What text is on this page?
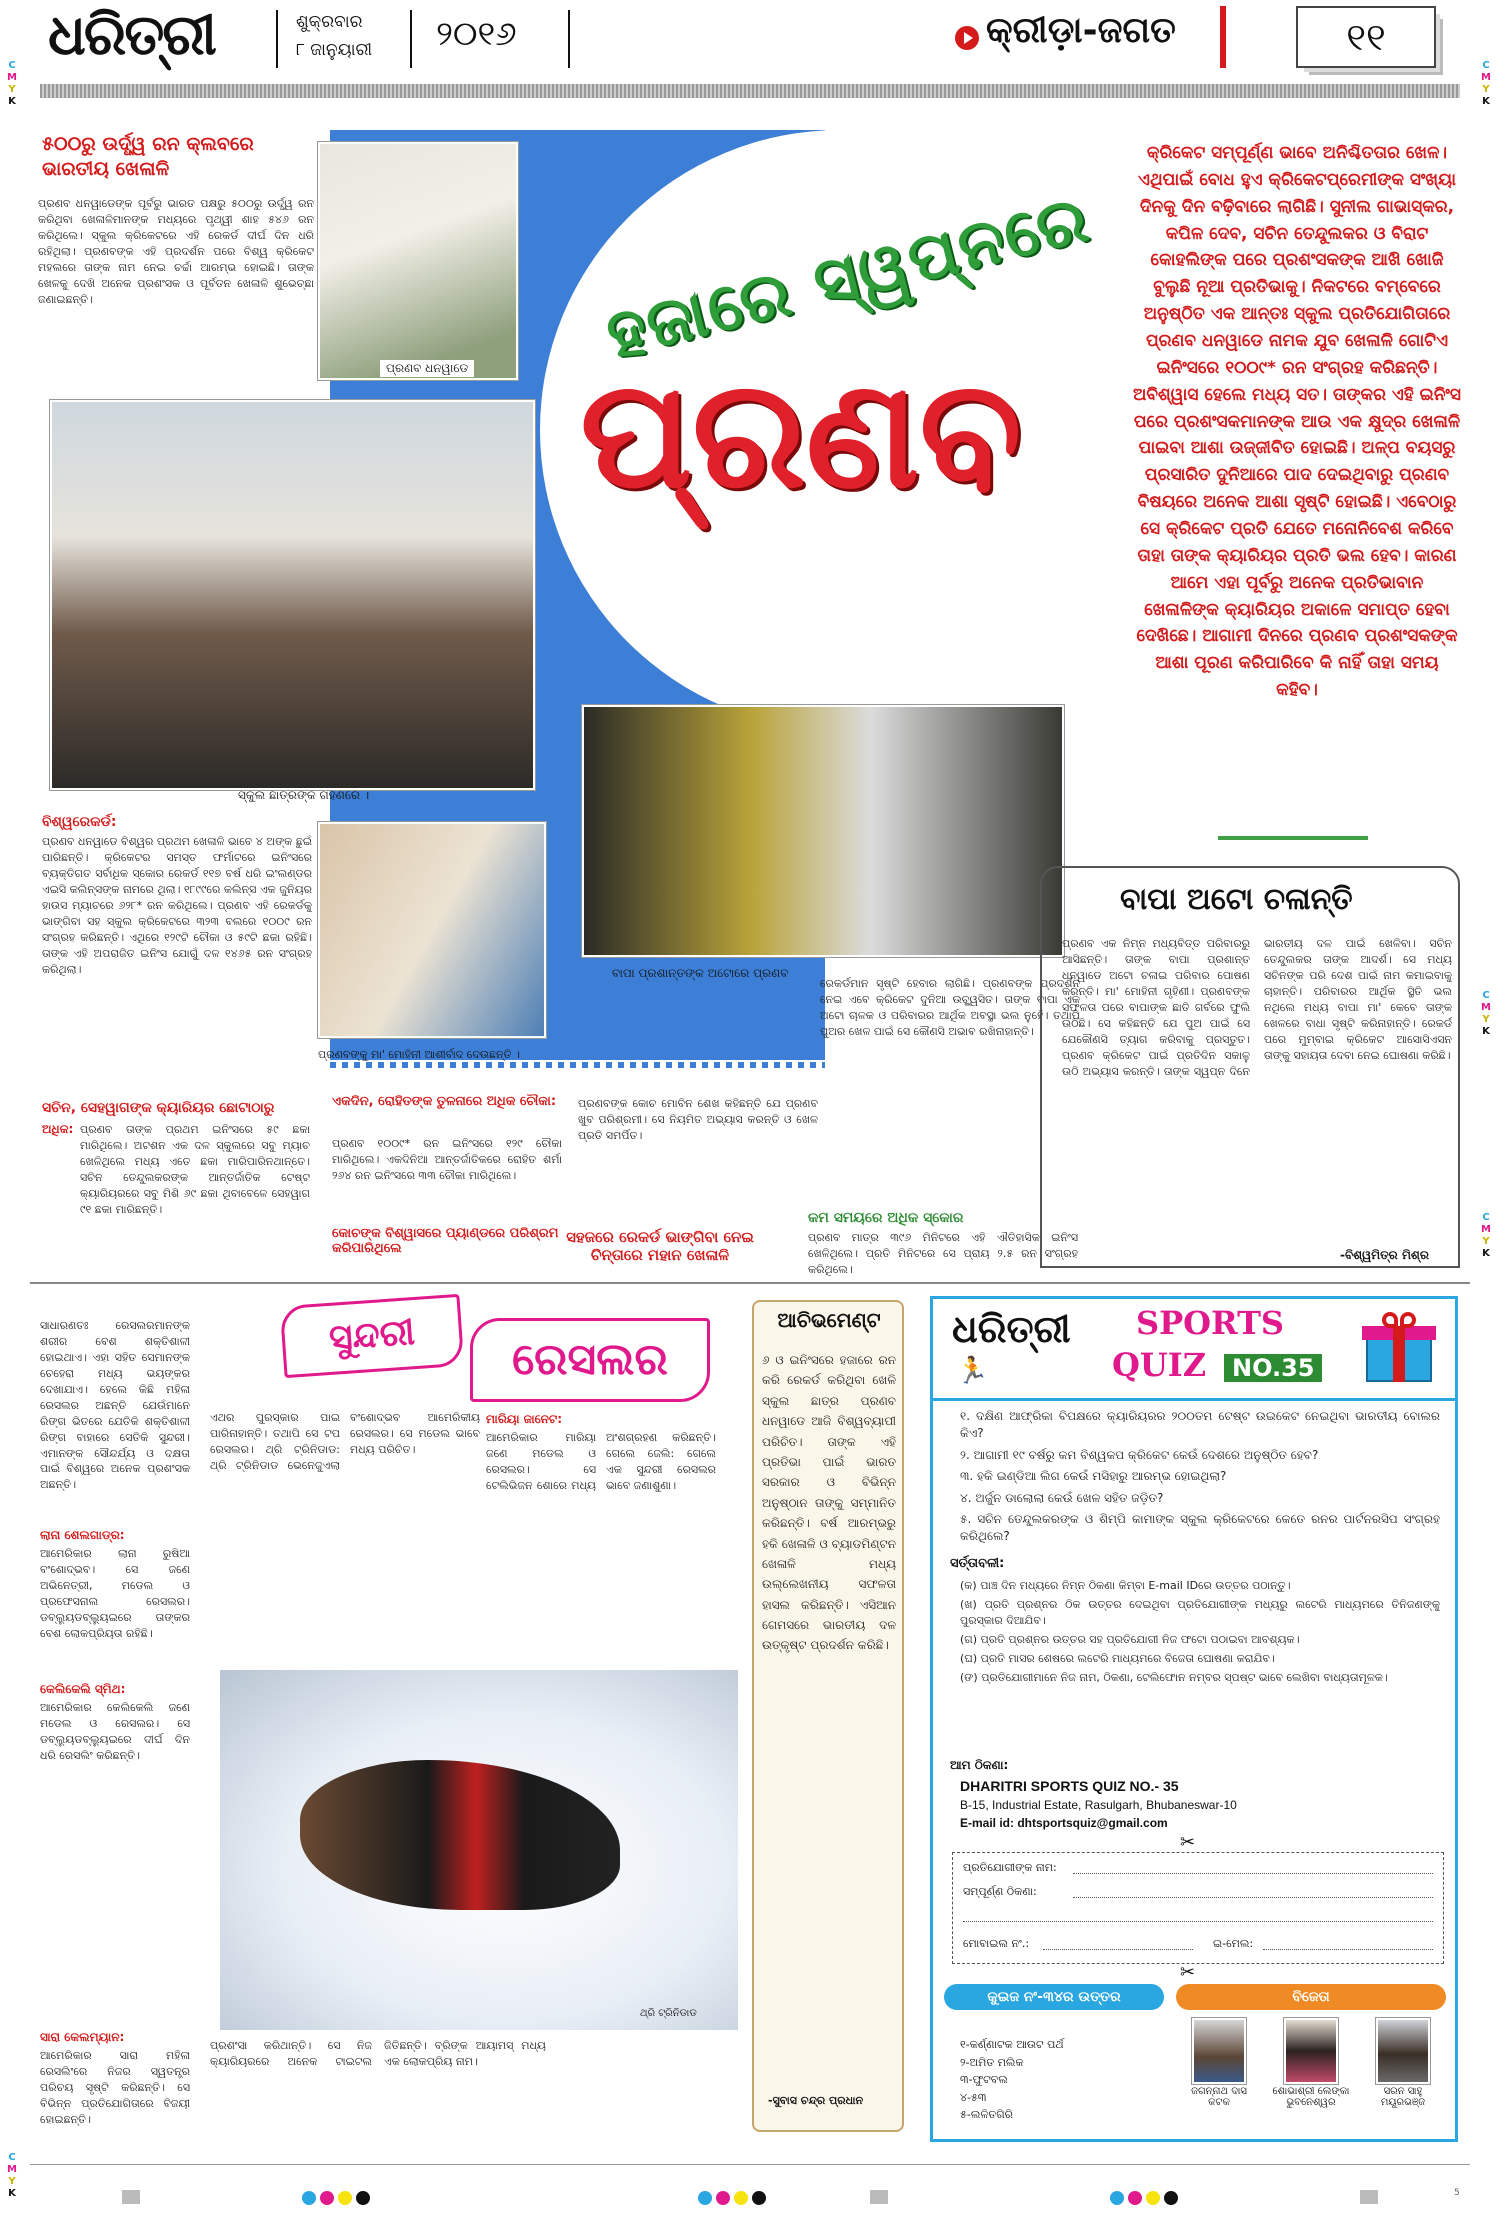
ଧରିତ୍ରୀ	ଶୁକ୍ରବାର
୮ ଜାନୁୟାରୀ ୨୦୧୬	କ୍ରୀଡ଼ା-ଜଗତ	୧୧
C
M
Y
K
C
M
Y
K
C
M
Y
K
C
M
Y
K
C
M
Y
K
୫୦୦ରୁ ଉର୍ଦ୍ଧ୍ୱ ରନ କ୍ଲବରେ ଭାରତୀୟ ଖେଳାଳି
ପ୍ରଣବ ଧନୱାଡେଙ୍କ ପୂର୍ବରୁ ଭାରତ ପକ୍ଷରୁ ୫୦୦ରୁ ଉର୍ଦ୍ଧ୍ୱ ରନ କରିଥିବା ଖେଳାଳିମାନଙ୍କ ମଧ୍ୟରେ ପୃଥ୍ୱୀ ଶାହ ୫୪୬ ରନ କରିଥିଲେ। ସ୍କୁଲ କ୍ରିକେଟରେ ଏହି ରେକର୍ଡ ଦୀର୍ଘ ଦିନ ଧରି ରହିଥିଲା। ପ୍ରଣବଙ୍କ ଏହି ପ୍ରଦର୍ଶନ ପରେ ବିଶ୍ୱ କ୍ରିକେଟ ମହଲରେ ତାଙ୍କ ନାମ ନେଇ ଚର୍ଚ୍ଚା ଆରମ୍ଭ ହୋଇଛି। ତାଙ୍କ ଖେଳକୁ ଦେଖି ଅନେକ ପ୍ରଶଂସକ ଓ ପୂର୍ବତନ ଖେଳାଳି ଶୁଭେଚ୍ଛା ଜଣାଇଛନ୍ତି।
ପ୍ରଣବ ଧନୱାଡେ ହଜାରେ ସ୍ୱପ୍ନରେ
ପ୍ରଣବ
ସ୍କୁଲ ଛାତ୍ରଙ୍କ ଗହଣରେ ।
ପ୍ରଣବଙ୍କୁ ମା' ମୋହିନୀ ଆଶୀର୍ବାଦ ଦେଉଛନ୍ତି ।
ବାପା ପ୍ରଶାନ୍ତଙ୍କ ଅଟୋରେ ପ୍ରଣବ
କ୍ରିକେଟ ସମ୍ପୂର୍ଣ୍ଣ ଭାବେ ଅନିଶ୍ଚିତତାର ଖେଳ। ଏଥିପାଇଁ ବୋଧ ହୁଏ କ୍ରିକେଟପ୍ରେମୀଙ୍କ ସଂଖ୍ୟା ଦିନକୁ ଦିନ ବଢ଼ିବାରେ ଲାଗିଛି। ସୁନୀଲ ଗାଭାସ୍କର, କପିଳ ଦେବ, ସଚିନ ତେନ୍ଦୁଲକର ଓ ବିରାଟ କୋହଲିଙ୍କ ପରେ ପ୍ରଶଂସକଙ୍କ ଆଖି ଖୋଜି ବୁଲୁଛି ନୂଆ ପ୍ରତିଭାକୁ। ନିକଟରେ ବମ୍ବେରେ ଅନୁଷ୍ଠିତ ଏକ ଆନ୍ତଃ ସ୍କୁଲ ପ୍ରତିଯୋଗିତାରେ ପ୍ରଣବ ଧନୱାଡେ ନାମକ ଯୁବ ଖେଳାଳି ଗୋଟିଏ ଇନିଂସରେ ୧୦୦୯* ରନ ସଂଗ୍ରହ କରିଛନ୍ତି। ଅବିଶ୍ୱାସ ହେଲେ ମଧ୍ୟ ସତ। ତାଙ୍କର ଏହି ଇନିଂସ ପରେ ପ୍ରଶଂସକମାନଙ୍କ ଆଉ ଏକ କ୍ଷୁଦ୍ର ଖେଳାଳି ପାଇବା ଆଶା ଉଜ୍ଜୀବିତ ହୋଇଛି। ଅଳ୍ପ ବୟସରୁ ପ୍ରସାରିତ ଦୁନିଆରେ ପାଦ ଦେଇଥିବାରୁ ପ୍ରଣବ ବିଷୟରେ ଅନେକ ଆଶା ସୃଷ୍ଟି ହୋଇଛି। ଏବେଠାରୁ ସେ କ୍ରିକେଟ ପ୍ରତି ଯେତେ ମନୋନିବେଶ କରିବେ ତାହା ତାଙ୍କ କ୍ୟାରିୟର ପ୍ରତି ଭଲ ହେବ। କାରଣ ଆମେ ଏହା ପୂର୍ବରୁ ଅନେକ ପ୍ରତିଭାବାନ ଖେଳାଳିଙ୍କ କ୍ୟାରିୟର ଅକାଳେ ସମାପ୍ତ ହେବା ଦେଖିଛେ। ଆଗାମୀ ଦିନରେ ପ୍ରଣବ ପ୍ରଶଂସକଙ୍କ ଆଶା ପୂରଣ କରିପାରିବେ କି ନାହିଁ ତାହା ସମୟ କହିବ।
ବିଶ୍ୱରେକର୍ଡ:
ପ୍ରଣବ ଧନୱାଡେ ବିଶ୍ୱର ପ୍ରଥମ ଖେଳାଳି ଭାବେ ୪ ଅଙ୍କ ଛୁଇଁ ପାରିଛନ୍ତି। କ୍ରିକେଟର ସମସ୍ତ ଫର୍ମାଟରେ ଇନିଂସରେ ବ୍ୟକ୍ତିଗତ ସର୍ବାଧିକ ସ୍କୋର ରେକର୍ଡ ୧୧୭ ବର୍ଷ ଧରି ଇଂଲଣ୍ଡର ଏଇସି କଲିନ୍ସଙ୍କ ନାମରେ ଥିଲା। ୧୮୯୯ରେ କଲିନ୍ସ ଏକ ଜୁନିୟର ହାଉସ ମ୍ୟାଚରେ ୬୨୮* ରନ କରିଥିଲେ। ପ୍ରଣବ ଏହି ରେକର୍ଡକୁ ଭାଙ୍ଗିବା ସହ ସ୍କୁଲ କ୍ରିକେଟରେ ୩୨୩ ବଲରେ ୧୦୦୯ ରନ ସଂଗ୍ରହ କରିଛନ୍ତି। ଏଥିରେ ୧୨୯ଟି ଚୌକା ଓ ୫୯ଟି ଛକା ରହିଛି। ତାଙ୍କ ଏହି ଅପରାଜିତ ଇନିଂସ ଯୋଗୁଁ ଦଳ ୧୪୬୫ ରନ ସଂଗ୍ରହ କରିଥିଲା।
ସଚିନ, ସେହୱାଗଙ୍କ କ୍ୟାରିୟର ଛୋଟାଠାରୁ
ଅଧିକ: ପ୍ରଣବ ତାଙ୍କ ପ୍ରଥମ ଇନିଂସରେ ୫୯ ଛକା ମାରିଥିଲେ। ଅଟଶନ ଏକ ଦଳ ସ୍କୁଲରେ ସବୁ ମ୍ୟାଚ ଖେଳିଥିଲେ ମଧ୍ୟ ଏତେ ଛକା ମାରିପାରିନଥାନ୍ତେ। ସଚିନ ତେନ୍ଦୁଲକରଙ୍କ ଆନ୍ତର୍ଜାତିକ ଟେଷ୍ଟ କ୍ୟାରିୟରରେ ସବୁ ମିଶି ୬୯ ଛକା ଥିବାବେଳେ ସେହୱାଗ ୯୧ ଛକା ମାରିଛନ୍ତି।
ରେକର୍ଡମାନ ସୃଷ୍ଟି ହେବାର ଲାଗିଛି। ପ୍ରଣବଙ୍କ ପ୍ରଦର୍ଶନ ନେଇ ଏବେ କ୍ରିକେଟ ଦୁନିଆ ଉଚ୍ଛ୍ୱସିତ। ତାଙ୍କ ବାପା ଏକ ଅଟୋ ଚାଳକ ଓ ପରିବାରର ଆର୍ଥିକ ଅବସ୍ଥା ଭଲ ନୁହେଁ। ତଥାପି ପୁଅର ଖେଳ ପାଇଁ ସେ କୌଣସି ଅଭାବ ରଖିନାହାନ୍ତି।
ଏକଦିନ, ରୋହିତଙ୍କ ତୁଳନାରେ ଅଧିକ ଚୌକା:
ପ୍ରଣବ ୧୦୦୯* ରନ ଇନିଂସରେ ୧୨୯ ଚୌକା ମାରିଥିଲେ। ଏକଦିନିଆ ଆନ୍ତର୍ଜାତିକରେ ରୋହିତ ଶର୍ମା ୨୬୪ ରନ ଇନିଂସରେ ୩୩ ଚୌକା ମାରିଥିଲେ।
ପ୍ରଣବଙ୍କ କୋଚ ମୋବିନ ଶେଖ କହିଛନ୍ତି ଯେ ପ୍ରଣବ ଖୁବ ପରିଶ୍ରମୀ। ସେ ନିୟମିତ ଅଭ୍ୟାସ କରନ୍ତି ଓ ଖେଳ ପ୍ରତି ସମର୍ପିତ।
କୋଚଙ୍କ ବିଶ୍ୱାସରେ ପ୍ୟାଣ୍ଡରେ ପରିଶ୍ରମ କରିପାରିଥିଲେ
ସହଜରେ ରେକର୍ଡ ଭାଙ୍ଗିବା ନେଇ ଚିନ୍ତାରେ ମହାନ ଖେଳାଳି
କମ ସମୟରେ ଅଧିକ ସ୍କୋର
ପ୍ରଣବ ମାତ୍ର ୩୯୬ ମିନିଟରେ ଏହି ଐତିହାସିକ ଇନିଂସ ଖେଳିଥିଲେ। ପ୍ରତି ମିନିଟରେ ସେ ପ୍ରାୟ ୨.୫ ରନ ସଂଗ୍ରହ କରିଥିଲେ।
ବାପା ଅଟୋ ଚଳାନ୍ତି
ପ୍ରଣବ ଏକ ନିମ୍ନ ମଧ୍ୟବିତ୍ତ ପରିବାରରୁ ଆସିଛନ୍ତି। ତାଙ୍କ ବାପା ପ୍ରଶାନ୍ତ ଧନୱାଡେ ଅଟୋ ଚଳାଇ ପରିବାର ପୋଷଣ କରନ୍ତି। ମା' ମୋହିନୀ ଗୃହିଣୀ। ପ୍ରଣବଙ୍କ ସଫଳତା ପରେ ବାପାଙ୍କ ଛାତି ଗର୍ବରେ ଫୁଲି ଉଠିଛି। ସେ କହିଛନ୍ତି ଯେ ପୁଅ ପାଇଁ ସେ ଯେକୌଣସି ତ୍ୟାଗ କରିବାକୁ ପ୍ରସ୍ତୁତ। ପ୍ରଣବ କ୍ରିକେଟ ପାଇଁ ପ୍ରତିଦିନ ସକାଳୁ ଉଠି ଅଭ୍ୟାସ କରନ୍ତି। ତାଙ୍କ ସ୍ୱପ୍ନ ଦିନେ ଭାରତୀୟ ଦଳ ପାଇଁ ଖେଳିବା। ସଚିନ ତେନ୍ଦୁଲକର ତାଙ୍କ ଆଦର୍ଶ। ସେ ମଧ୍ୟ ସଚିନଙ୍କ ପରି ଦେଶ ପାଇଁ ନାମ କମାଇବାକୁ ଚାହାନ୍ତି। ପରିବାରର ଆର୍ଥିକ ସ୍ଥିତି ଭଲ ନଥିଲେ ମଧ୍ୟ ବାପା ମା' କେବେ ତାଙ୍କ ଖେଳରେ ବାଧା ସୃଷ୍ଟି କରିନାହାନ୍ତି। ରେକର୍ଡ ପରେ ମୁମ୍ବାଇ କ୍ରିକେଟ ଆସୋସିଏସନ ତାଙ୍କୁ ସହାୟତା ଦେବା ନେଇ ଘୋଷଣା କରିଛି।
-ବିଶ୍ୱମିତ୍ର ମିଶ୍ର
ସୁନ୍ଦରୀ	ରେସଲର
ସାଧାରଣତଃ ରେସଲରମାନଙ୍କ ଶରୀର ବେଶ ଶକ୍ତିଶାଳୀ ହୋଇଥାଏ। ଏହା ସହିତ ସେମାନଙ୍କ ଚେହେରା ମଧ୍ୟ ଭୟଙ୍କର ଦେଖାଯାଏ। ହେଲେ କିଛି ମହିଳା ରେସଲର ଅଛନ୍ତି ଯେଉଁମାନେ ରିଙ୍ଗ ଭିତରେ ଯେତିକି ଶକ୍ତିଶାଳୀ ରିଙ୍ଗ ବାହାରେ ସେତିକି ସୁନ୍ଦରୀ। ଏମାନଙ୍କ ସୌନ୍ଦର୍ଯ୍ୟ ଓ ଦକ୍ଷତା ପାଇଁ ବିଶ୍ୱରେ ଅନେକ ପ୍ରଶଂସକ ଅଛନ୍ତି।
ଲାନା ଶେଲଗାଡ୍ର:
ଆମେରିକାର ଲାନା ରୁଷିଆ ବଂଶୋଦ୍ଭବ। ସେ ଜଣେ ଅଭିନେତ୍ରୀ, ମଡେଲ ଓ ପ୍ରଫେସନାଲ ରେସଲର। ଡବ୍ଲ୍ୟୁଡବ୍ଲ୍ୟୁଇରେ ତାଙ୍କର ବେଶ ଲୋକପ୍ରିୟତା ରହିଛି।
କେଲିକେଲି ସ୍ମିଥ:
ଆମେରିକାର କେଲିକେଲି ଜଣେ ମଡେଲ ଓ ରେସଲର। ସେ ଡବ୍ଲ୍ୟୁଡବ୍ଲ୍ୟୁଇରେ ଦୀର୍ଘ ଦିନ ଧରି ରେସଲିଂ କରିଛନ୍ତି।
ସାରା କେଲମ୍ୟାନ:
ଆମେରିକାର ସାରା ମହିଳା ରେସଲିଂରେ ନିଜର ସ୍ୱତନ୍ତ୍ର ପରିଚୟ ସୃଷ୍ଟି କରିଛନ୍ତି। ସେ ବିଭିନ୍ନ ପ୍ରତିଯୋଗିତାରେ ବିଜୟୀ ହୋଇଛନ୍ତି।
ଏଥର ପୁରସ୍କାର ପାଇ ପାରିନାହାନ୍ତି। ତଥାପି ସେ ଟପ ରେସଲର। ଥ୍ରି ଟ୍ରିନିଡାଡ: ଥ୍ରି ଟ୍ରିନିଡାଡ ଭେନେଜୁଏଲା ବଂଶୋଦ୍ଭବ ଆମେରିକୀୟ ରେସଲର। ସେ ମଡେଲ ଭାବେ ମଧ୍ୟ ପରିଚିତ।
ମାରିୟା ଜାନେଟ:
ଆମେରିକାର ମାରିୟା ଜଣେ ମଡେଲ ଓ ରେସଲର। ସେ ଟେଲିଭିଜନ ଶୋରେ ମଧ୍ୟ ଅଂଶଗ୍ରହଣ କରିଛନ୍ତି। ଗେଲେ ଜେଲି: ଗେଲେ ଏକ ସୁନ୍ଦରୀ ରେସଲର ଭାବେ ଜଣାଶୁଣା।
ଥ୍ରି ଟ୍ରିନିଡାଡ
ପ୍ରଶଂସା କରିଥାନ୍ତି। ସେ ନିଜ କ୍ୟାରିୟରରେ ଅନେକ ଟାଇଟଲ ଜିତିଛନ୍ତି। ବ୍ରିଙ୍କ ଆୟାମସ୍ ମଧ୍ୟ ଏକ ଲୋକପ୍ରିୟ ନାମ।
ଆଚିଭମେଣ୍ଟ
୬ ଓ ଇନିଂସରେ ହଜାରେ ରନ କରି ରେକର୍ଡ କରିଥିବା ଖେଳି ସ୍କୁଲ ଛାତ୍ର ପ୍ରଣବ ଧନୱାଡେ ଆଜି ବିଶ୍ୱବ୍ୟାପୀ ପରିଚିତ। ତାଙ୍କ ଏହି ପ୍ରତିଭା ପାଇଁ ଭାରତ ସରକାର ଓ ବିଭିନ୍ନ ଅନୁଷ୍ଠାନ ତାଙ୍କୁ ସମ୍ମାନିତ କରିଛନ୍ତି। ବର୍ଷ ଆରମ୍ଭରୁ ହକି ଖେଳାଳି ଓ ବ୍ୟାଡମିଣ୍ଟନ ଖେଳାଳି ମଧ୍ୟ ଉଲ୍ଲେଖନୀୟ ସଫଳତା ହାସଲ କରିଛନ୍ତି। ଏସିଆନ ଗେମସରେ ଭାରତୀୟ ଦଳ ଉତ୍କୃଷ୍ଟ ପ୍ରଦର୍ଶନ କରିଛି।
-ସୁବାସ ଚନ୍ଦ୍ର ପ୍ରଧାନ
ଧରିତ୍ରୀ
🏃
SPORTS
QUIZ	NO.35
୧. ଦକ୍ଷିଣ ଆଫ୍ରିକା ବିପକ୍ଷରେ କ୍ୟାରିୟରର ୨୦୦ତମ ଟେଷ୍ଟ ଉଇକେଟ ନେଇଥିବା ଭାରତୀୟ ବୋଲର କିଏ?
୨. ଆଗାମୀ ୧୯ ବର୍ଷରୁ କମ ବିଶ୍ୱକପ କ୍ରିକେଟ କେଉଁ ଦେଶରେ ଅନୁଷ୍ଠିତ ହେବ?
୩. ହକି ଇଣ୍ଡିଆ ଲିଗ କେଉଁ ମସିହାରୁ ଆରମ୍ଭ ହୋଇଥିଲା?
୪. ଅର୍ଜୁନ ଡାଲୋଲା କେଉଁ ଖେଳ ସହିତ ଜଡ଼ିତ?
୫. ସଚିନ ତେନ୍ଦୁଲକରଙ୍କ ଓ ଶିମ୍ପି କାମାଙ୍କ ସ୍କୁଲ କ୍ରିକେଟରେ କେତେ ରନର ପାର୍ଟନରସିପ ସଂଗ୍ରହ କରିଥିଲେ?
ସର୍ତ୍ତାବଳୀ:
(କ) ପାଞ୍ଚ ଦିନ ମଧ୍ୟରେ ନିମ୍ନ ଠିକଣା କିମ୍ବା E-mail IDରେ ଉତ୍ତର ପଠାନ୍ତୁ।
(ଖ) ପ୍ରତି ପ୍ରଶ୍ନର ଠିକ ଉତ୍ତର ଦେଇଥିବା ପ୍ରତିଯୋଗୀଙ୍କ ମଧ୍ୟରୁ ଲଟେରି ମାଧ୍ୟମରେ ତିନିଜଣଙ୍କୁ ପୁରସ୍କାର ଦିଆଯିବ।
(ଗ) ପ୍ରତି ପ୍ରଶ୍ନର ଉତ୍ତର ସହ ପ୍ରତିଯୋଗୀ ନିଜ ଫଟୋ ପଠାଇବା ଆବଶ୍ୟକ।
(ଘ) ପ୍ରତି ମାସର ଶେଷରେ ଲଟେରି ମାଧ୍ୟମରେ ବିଜେତା ଘୋଷଣା କରାଯିବ।
(ଙ) ପ୍ରତିଯୋଗୀମାନେ ନିଜ ନାମ, ଠିକଣା, ଟେଲିଫୋନ ନମ୍ବର ସ୍ପଷ୍ଟ ଭାବେ ଲେଖିବା ବାଧ୍ୟତାମୂଳକ।
ଆମ ଠିକଣା:
DHARITRI SPORTS QUIZ NO.- 35
B-15, Industrial Estate, Rasulgarh, Bhubaneswar-10
E-mail id: dhtsportsquiz@gmail.com
✂
ପ୍ରତିଯୋଗୀଙ୍କ ନାମ:
ସମ୍ପୂର୍ଣ୍ଣ ଠିକଣା:
ମୋବାଇଲ ନଂ.:	ଇ-ମେଲ:
✂
କୁଇଜ ନଂ-୩୪ର ଉତ୍ତର	ବିଜେତା
୧-କର୍ଣ୍ଣାଟକ ଆଉଟ ପର୍ଥ
୨-ଅମିତ ମଲିକ
୩-ଫୁଟବଲ
୪-୫୩
୫-ଲଳିତଗିରି
ଜଗନ୍ନାଥ ଦାସ
କଟକ
ଶୋଭାଶ୍ରୀ ଲେଙ୍କା
ଭୁବନେଶ୍ୱର
ସରନ ସାହୁ
ମୟୂରଭଞ୍ଜ
5
